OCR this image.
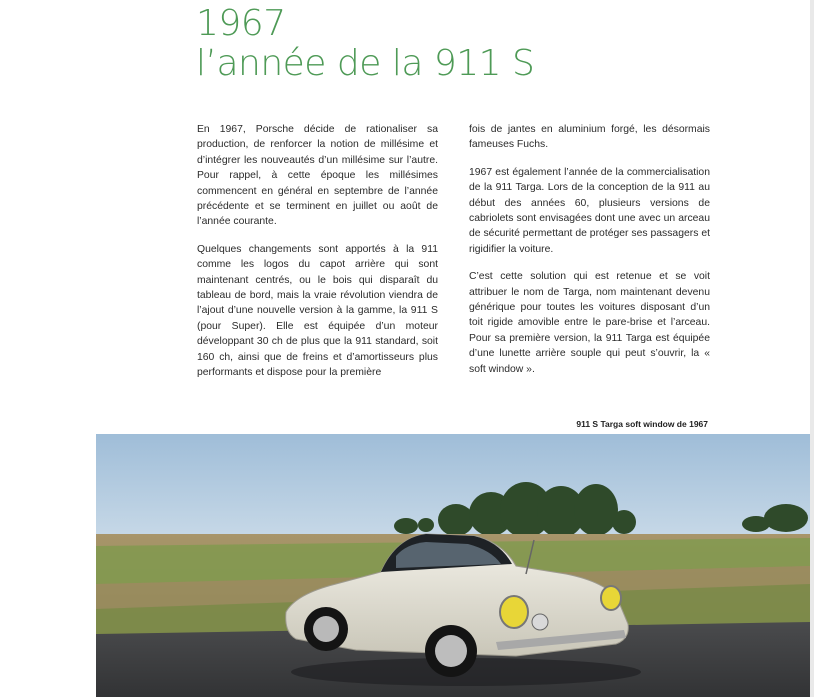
1967
l’année de la 911 S

En 1967, Porsche décide de rationaliser sa production, de renforcer la notion de millésime et d’intégrer les nouveautés d’un millésime sur l’autre. Pour rappel, à cette époque les millésimes commencent en général en septembre de l’année précédente et se terminent en juillet ou août de l’année courante.

Quelques changements sont apportés à la 911 comme les logos du capot arrière qui sont maintenant centrés, ou le bois qui disparaît du tableau de bord, mais la vraie révolution viendra de l’ajout d’une nouvelle version à la gamme, la 911 S (pour Super). Elle est équipée d’un moteur développant 30 ch de plus que la 911 standard, soit 160 ch, ainsi que de freins et d’amortisseurs plus performants et dispose pour la première

fois de jantes en aluminium forgé, les désormais fameuses Fuchs.

1967 est également l’année de la commercialisation de la 911 Targa. Lors de la conception de la 911 au début des années 60, plusieurs versions de cabriolets sont envisagées dont une avec un arceau de sécurité permettant de protéger ses passagers et rigidifier la voiture.

C’est cette solution qui est retenue et se voit attribuer le nom de Targa, nom maintenant devenu générique pour toutes les voitures disposant d’un toit rigide amovible entre le pare-brise et l’arceau. Pour sa première version, la 911 Targa est équipée d’une lunette arrière souple qui peut s’ouvrir, la « soft window ».

911 S Targa soft window de 1967
